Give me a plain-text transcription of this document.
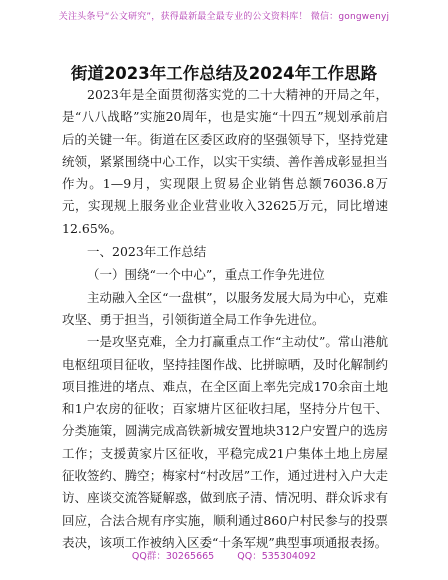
关注头条号“公文研究”，获得最新最全最专业的公文资料库！ 微信：gongwenyj
街道2023年工作总结及2024年工作思路

2023年是全面贯彻落实党的二十大精神的开局之年，是“八八战略”实施20周年，也是实施“十四五”规划承前启后的关键一年。街道在区委区政府的坚强领导下，坚持党建统领，紧紧围绕中心工作，以实干实绩、善作善成彰显担当作为。1—9月，实现限上贸易企业销售总额76036.8万元，实现规上服务业企业营业收入32625万元，同比增速12.65%。

一、2023年工作总结

（一）围绕“一个中心”，重点工作争先进位

主动融入全区“一盘棋”，以服务发展大局为中心，克难攻坚、勇于担当，引领街道全局工作争先进位。

一是攻坚克难，全力打赢重点工作“主动仗”。常山港航电枢纽项目征收，坚持挂图作战、比拼晾晒，及时化解制约项目推进的堵点、难点，在全区面上率先完成170余亩土地和1户农房的征收；百家塘片区征收扫尾，坚持分片包干、分类施策，圆满完成高铁新城安置地块312户安置户的选房工作；支援黄家片区征收，平稳完成21户集体土地上房屋征收签约、腾空；梅家村“村改居”工作，通过进村入户大走访、座谈交流答疑解惑，做到底子清、情况明、群众诉求有回应，合法合规有序实施，顺利通过860户村民参与的投票表决，该项工作被纳入区委“十条军规”典型事项通报表扬。

QQ群：30265665 QQ：535304092
